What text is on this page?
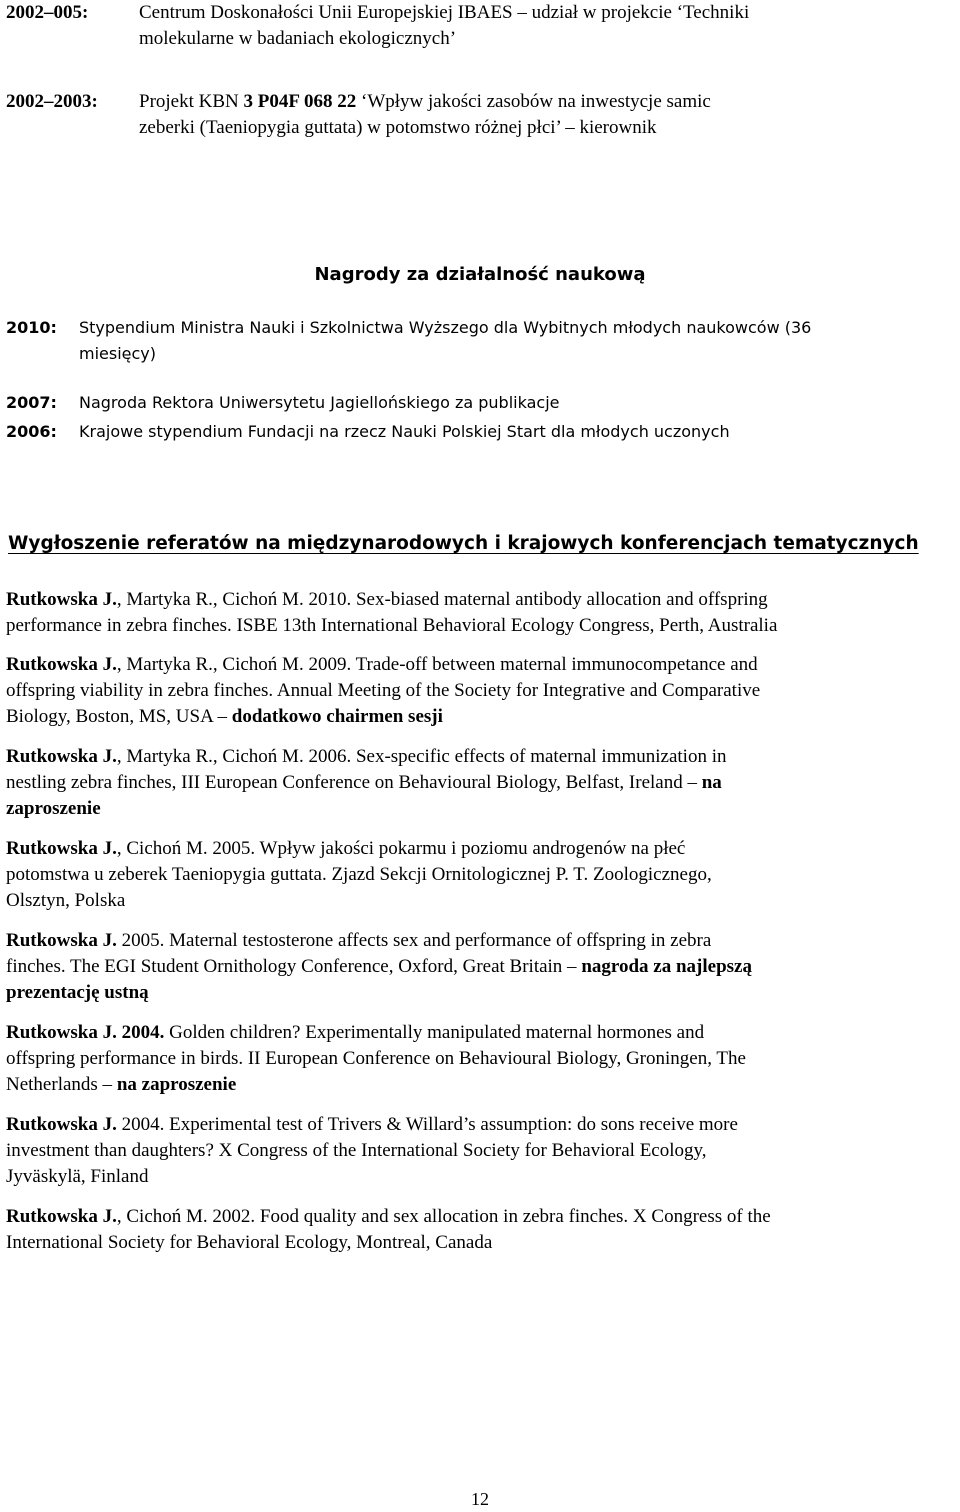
2002–005:	Centrum Doskonałości Unii Europejskiej IBAES – udział w projekcie ‘Techniki
molekularne w badaniach ekologicznych’
2002–2003: Projekt KBN 3 P04F 068 22 ‘Wpływ jakości zasobów na inwestycje samic
zeberki (Taeniopygia guttata) w potomstwo różnej płci’ – kierownik
Nagrody za działalność naukową
2010: Stypendium Ministra Nauki i Szkolnictwa Wyższego dla Wybitnych młodych naukowców (36
miesięcy)
2007: Nagroda Rektora Uniwersytetu Jagiellońskiego za publikacje
2006: Krajowe stypendium Fundacji na rzecz Nauki Polskiej Start dla młodych uczonych
Wygłoszenie referatów na międzynarodowych i krajowych konferencjach tematycznych
Rutkowska J., Martyka R., Cichoń M. 2010. Sex-biased maternal antibody allocation and offspring
performance in zebra finches. ISBE 13th International Behavioral Ecology Congress, Perth, Australia
Rutkowska J., Martyka R., Cichoń M. 2009. Trade-off between maternal immunocompetance and
offspring viability in zebra finches. Annual Meeting of the Society for Integrative and Comparative
Biology, Boston, MS, USA – dodatkowo chairmen sesji
Rutkowska J., Martyka R., Cichoń M. 2006. Sex-specific effects of maternal immunization in
nestling zebra finches, III European Conference on Behavioural Biology, Belfast, Ireland – na
zaproszenie
Rutkowska J., Cichoń M. 2005. Wpływ jakości pokarmu i poziomu androgenów na płeć
potomstwa u zeberek Taeniopygia guttata. Zjazd Sekcji Ornitologicznej P. T. Zoologicznego,
Olsztyn, Polska
Rutkowska J. 2005. Maternal testosterone affects sex and performance of offspring in zebra
finches. The EGI Student Ornithology Conference, Oxford, Great Britain – nagroda za najlepszą
prezentację ustną
Rutkowska J. 2004. Golden children? Experimentally manipulated maternal hormones and
offspring performance in birds. II European Conference on Behavioural Biology, Groningen, The
Netherlands – na zaproszenie
Rutkowska J. 2004. Experimental test of Trivers & Willard’s assumption: do sons receive more
investment than daughters? X Congress of the International Society for Behavioral Ecology,
Jyväskylä, Finland
Rutkowska J., Cichoń M. 2002. Food quality and sex allocation in zebra finches. X Congress of the
International Society for Behavioral Ecology, Montreal, Canada
12
